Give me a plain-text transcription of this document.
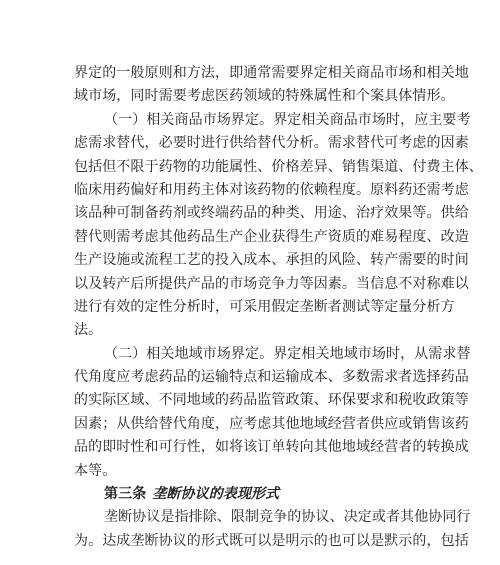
界定的一般原则和方法，即通常需要界定相关商品市场和相关地
域市场，同时需要考虑医药领域的特殊属性和个案具体情形。
（一）相关商品市场界定。界定相关商品市场时，应主要考
虑需求替代，必要时进行供给替代分析。需求替代可考虑的因素
包括但不限于药物的功能属性、价格差异、销售渠道、付费主体、
临床用药偏好和用药主体对该药物的依赖程度。原料药还需考虑
该品种可制备药剂或终端药品的种类、用途、治疗效果等。供给
替代则需考虑其他药品生产企业获得生产资质的难易程度、改造
生产设施或流程工艺的投入成本、承担的风险、转产需要的时间
以及转产后所提供产品的市场竞争力等因素。当信息不对称难以
进行有效的定性分析时，可采用假定垄断者测试等定量分析方
法。
（二）相关地域市场界定。界定相关地域市场时，从需求替
代角度应考虑药品的运输特点和运输成本、多数需求者选择药品
的实际区域、不同地域的药品监管政策、环保要求和税收政策等
因素；从供给替代角度，应考虑其他地域经营者供应或销售该药
品的即时性和可行性，如将该订单转向其他地域经营者的转换成
本等。
第三条 垄断协议的表现形式
垄断协议是指排除、限制竞争的协议、决定或者其他协同行
为。达成垄断协议的形式既可以是明示的也可以是默示的，包括
